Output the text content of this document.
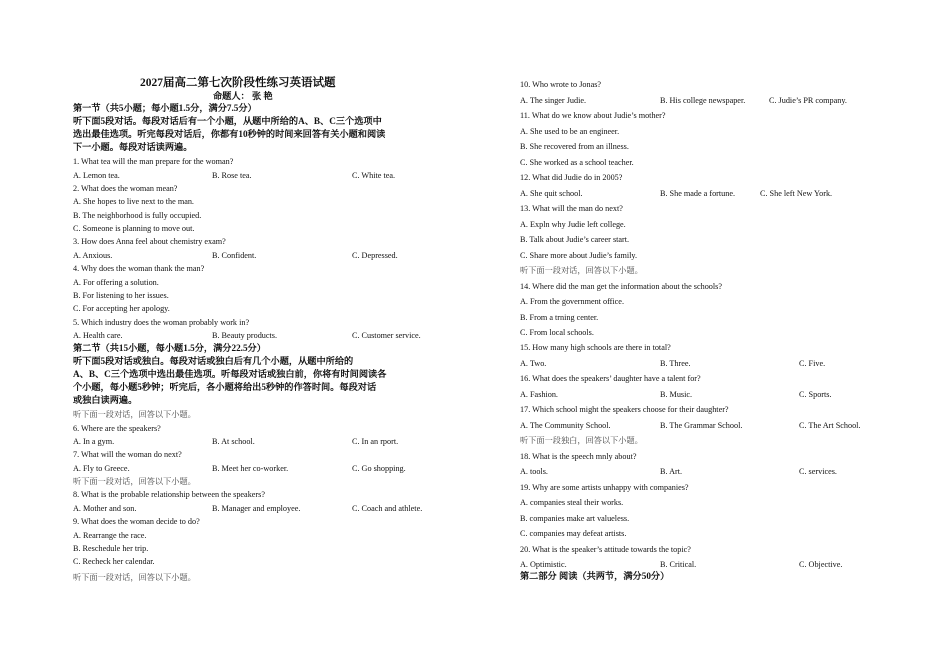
2027届高二第七次阶段性练习英语试题
命题人： 张 艳
第一节（共5小题；每小题1.5分，满分7.5分）
听下面5段对话。每段对话后有一个小题，从题中所给的A、B、C三个选项中
选出最佳选项。听完每段对话后，你都有10秒钟的时间来回答有关小题和阅读
下一小题。每段对话读两遍。
1. What tea will the man prepare for the woman?
A. Lemon tea.	B. Rose tea.	C. White tea.
2. What does the woman mean?
A. She hopes to live next to the man.
B. The neighborhood is fully occupied.
C. Someone is planning to move out.
3. How does Anna feel about chemistry exam?
A. Anxious.	B. Confident.	C. Depressed.
4. Why does the woman thank the man?
A. For offering a solution.
B. For listening to her issues.
C. For accepting her apology.
5. Which industry does the woman probably work in?
A. Health care.	B. Beauty products.	C. Customer service.
第二节（共15小题，每小题1.5分，满分22.5分）
听下面5段对话或独白。每段对话或独白后有几个小题，从题中所给的
A、B、C三个选项中选出最佳选项。听每段对话或独白前，你将有时间阅读各
个小题，每小题5秒钟；听完后，各小题将给出5秒钟的作答时间。每段对话
或独白读两遍。
听下面一段对话，回答以下小题。
6. Where are the speakers?
A. In a gym.	B. At school.	C. In an rport.
7. What will the woman do next?
A. Fly to Greece.	B. Meet her co-worker.	C. Go shopping.
听下面一段对话，回答以下小题。
8. What is the probable relationship between the speakers?
A. Mother and son.	B. Manager and employee.	C. Coach and athlete.
9. What does the woman decide to do?
A. Rearrange the race.
B. Reschedule her trip.
C. Recheck her calendar.
听下面一段对话，回答以下小题。
10. Who wrote to Jonas?
A. The singer Judie.	B. His college newspaper.	C. Judie’s PR company.
11. What do we know about Judie’s mother?
A. She used to be an engineer.
B. She recovered from an illness.
C. She worked as a school teacher.
12. What did Judie do in 2005?
A. She quit school.	B. She made a fortune.	C. She left New York.
13. What will the man do next?
A. Expln why Judie left college.
B. Talk about Judie’s career start.
C. Share more about Judie’s family.
听下面一段对话，回答以下小题。
14. Where did the man get the information about the schools?
A. From the government office.
B. From a trning center.
C. From local schools.
15. How many high schools are there in total?
A. Two.	B. Three.	C. Five.
16. What does the speakers’ daughter have a talent for?
A. Fashion.	B. Music.	C. Sports.
17. Which school might the speakers choose for their daughter?
A. The Community School.	B. The Grammar School.	C. The Art School.
听下面一段独白，回答以下小题。
18. What is the speech mnly about?
A. tools.	B. Art.	C. services.
19. Why are some artists unhappy with companies?
A. companies steal their works.
B. companies make art valueless.
C. companies may defeat artists.
20. What is the speaker’s attitude towards the topic?
A. Optimistic.	B. Critical.	C. Objective.
第二部分 阅读（共两节，满分50分）
